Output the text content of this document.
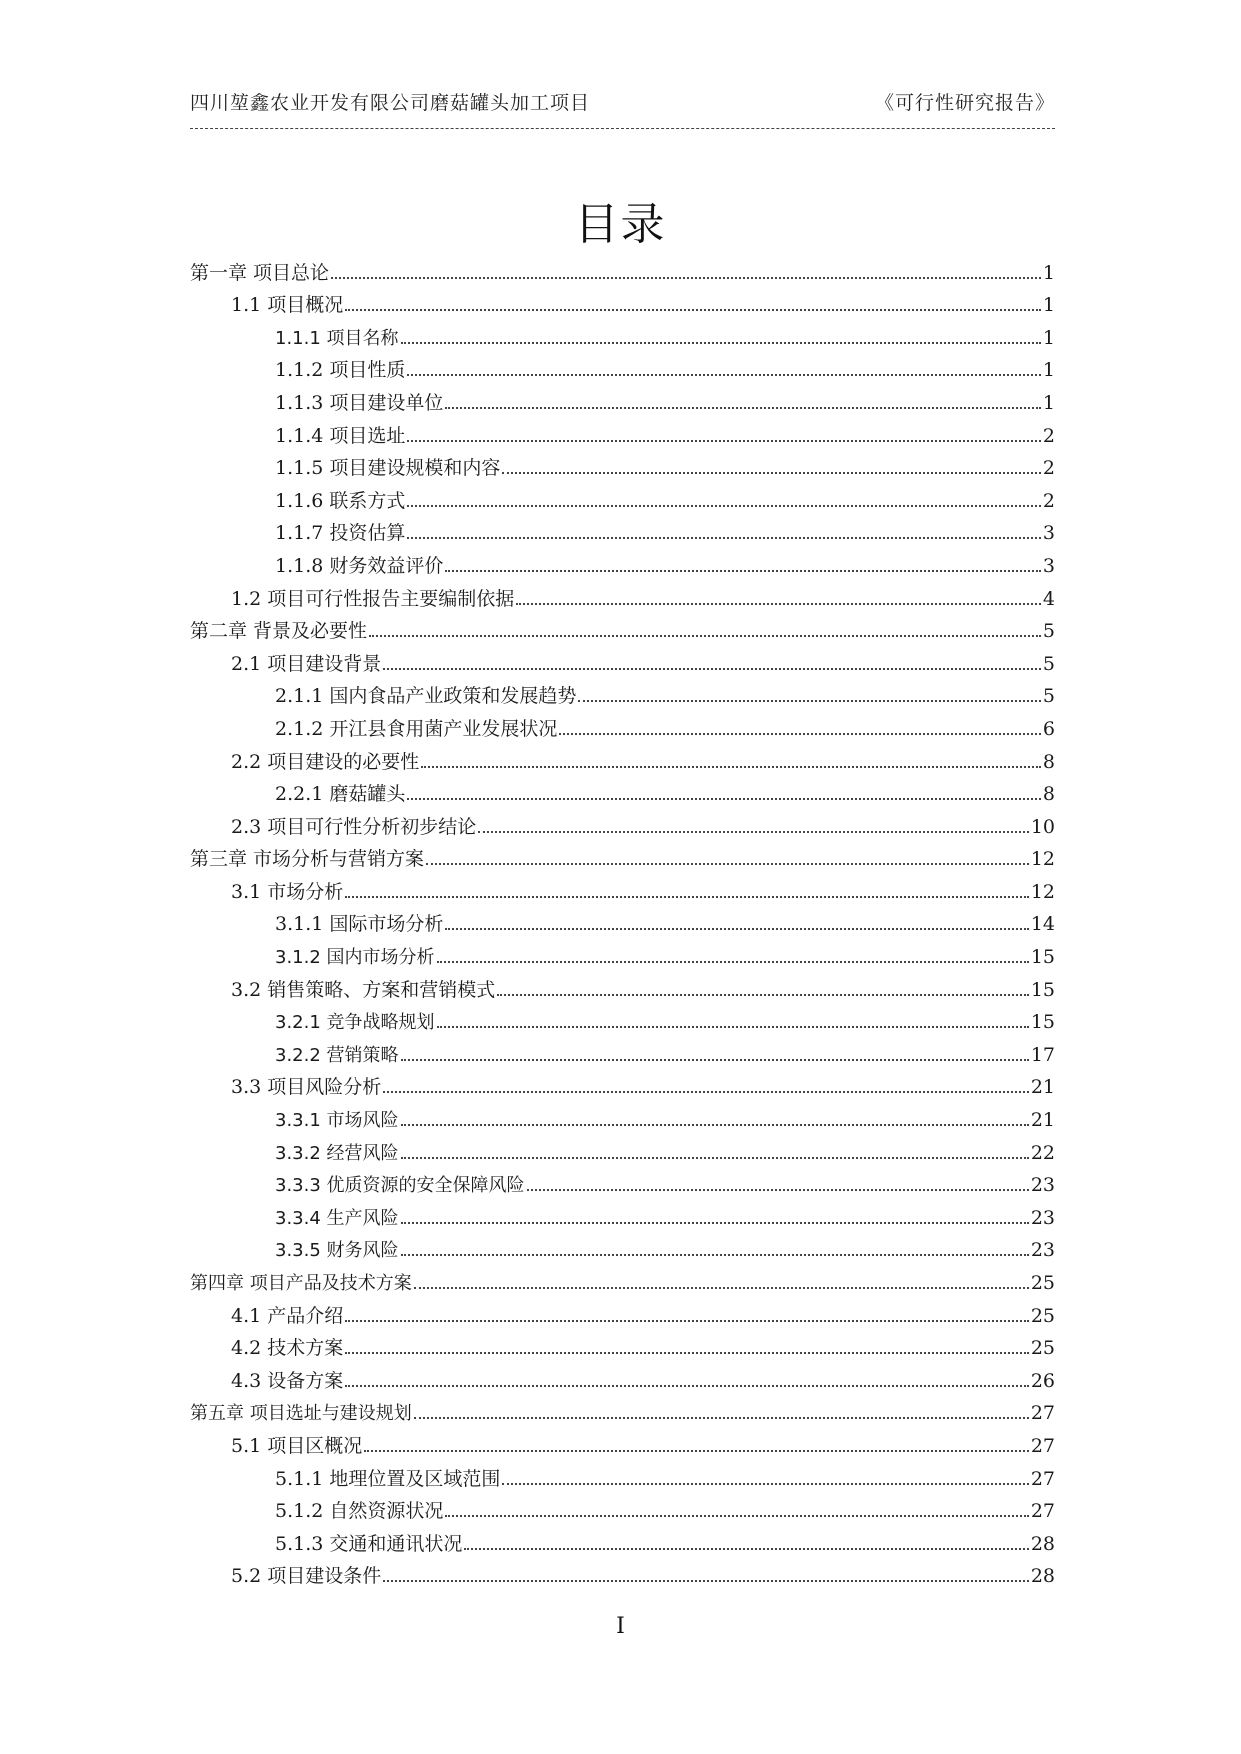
四川堃鑫农业开发有限公司磨菇罐头加工项目	《可行性研究报告》
目录
第一章 项目总论	1
1.1 项目概况	1
1.1.1 项目名称	1
1.1.2 项目性质	1
1.1.3 项目建设单位	1
1.1.4 项目选址	2
1.1.5 项目建设规模和内容	2
1.1.6 联系方式	2
1.1.7 投资估算	3
1.1.8 财务效益评价	3
1.2 项目可行性报告主要编制依据	4
第二章 背景及必要性	5
2.1 项目建设背景	5
2.1.1 国内食品产业政策和发展趋势	5
2.1.2 开江县食用菌产业发展状况	6
2.2 项目建设的必要性	8
2.2.1 磨菇罐头	8
2.3 项目可行性分析初步结论	10
第三章 市场分析与营销方案	12
3.1 市场分析	12
3.1.1 国际市场分析	14
3.1.2 国内市场分析	15
3.2 销售策略、方案和营销模式	15
3.2.1 竞争战略规划	15
3.2.2 营销策略	17
3.3 项目风险分析	21
3.3.1 市场风险	21
3.3.2 经营风险	22
3.3.3 优质资源的安全保障风险	23
3.3.4 生产风险	23
3.3.5 财务风险	23
第四章 项目产品及技术方案	25
4.1 产品介绍	25
4.2 技术方案	25
4.3 设备方案	26
第五章 项目选址与建设规划	27
5.1 项目区概况	27
5.1.1 地理位置及区域范围	27
5.1.2 自然资源状况	27
5.1.3 交通和通讯状况	28
5.2 项目建设条件	28
I
